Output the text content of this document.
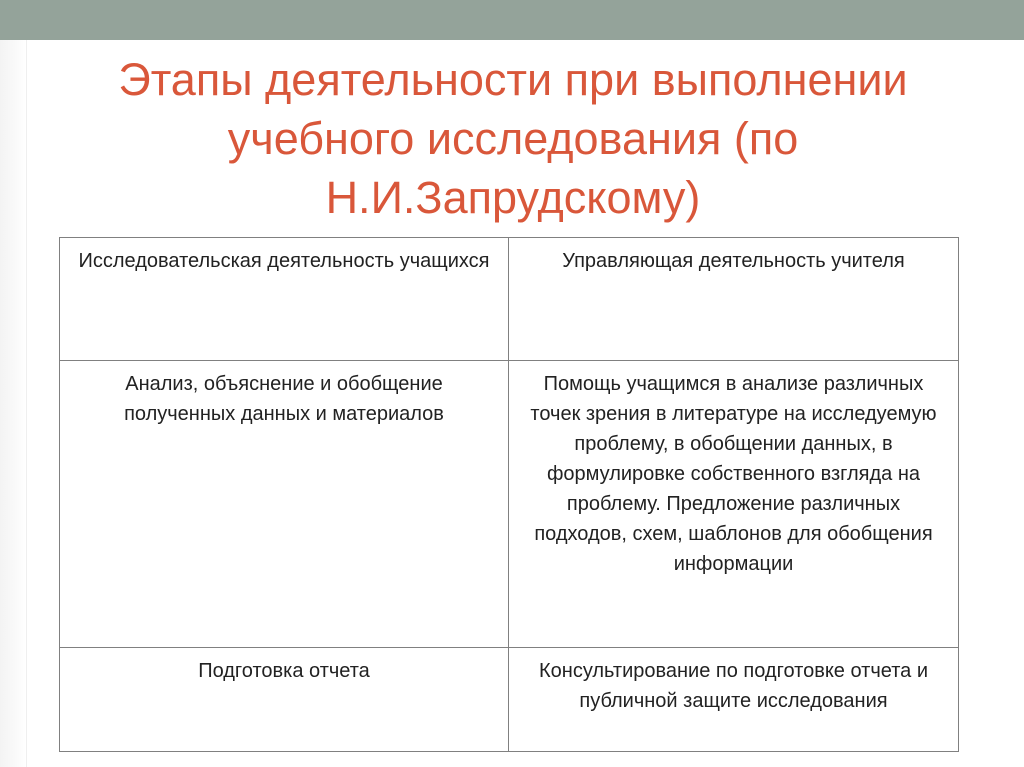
Этапы деятельности при выполнении учебного исследования (по Н.И.Запрудскому)
Исследовательская деятельность учащихся	Управляющая деятельность учителя
Анализ, объяснение и обобщение полученных данных и материалов	Помощь учащимся в анализе различных точек зрения в литературе на исследуемую проблему, в обобщении данных, в формулировке собственного взгляда на проблему. Предложение различных подходов, схем, шаблонов для обобщения информации
Подготовка отчета	Консультирование по подготовке отчета и публичной защите исследования
